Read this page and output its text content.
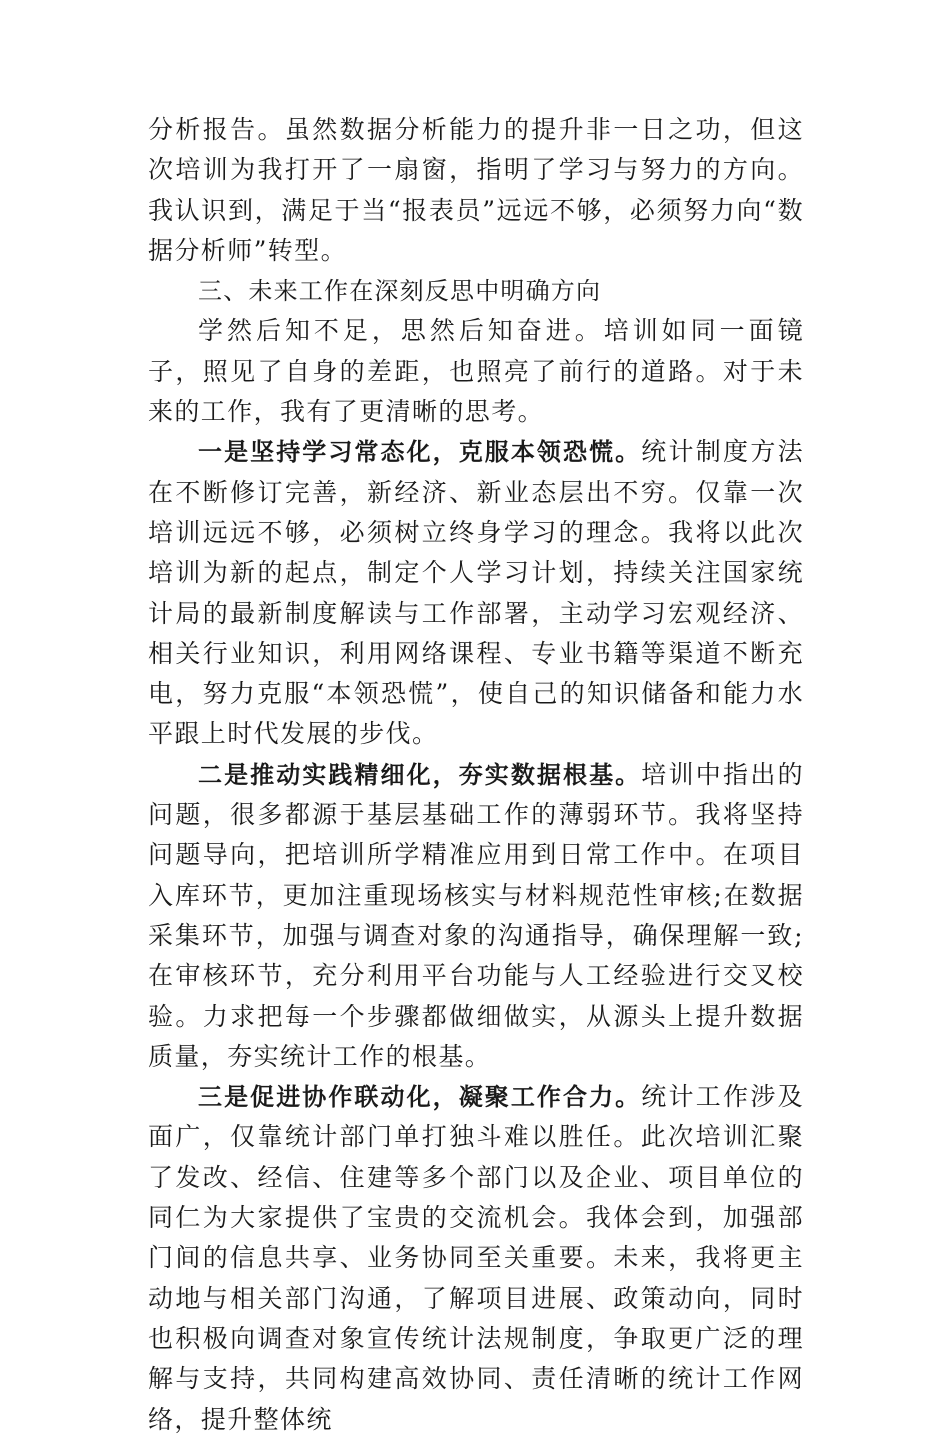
分析报告。虽然数据分析能力的提升非一日之功，但这次培训为我打开了一扇窗，指明了学习与努力的方向。我认识到，满足于当“报表员”远远不够，必须努力向“数据分析师”转型。

三、未来工作在深刻反思中明确方向

学然后知不足，思然后知奋进。培训如同一面镜子，照见了自身的差距，也照亮了前行的道路。对于未来的工作，我有了更清晰的思考。

一是坚持学习常态化，克服本领恐慌。统计制度方法在不断修订完善，新经济、新业态层出不穷。仅靠一次培训远远不够，必须树立终身学习的理念。我将以此次培训为新的起点，制定个人学习计划，持续关注国家统计局的最新制度解读与工作部署，主动学习宏观经济、相关行业知识，利用网络课程、专业书籍等渠道不断充电，努力克服“本领恐慌”，使自己的知识储备和能力水平跟上时代发展的步伐。

二是推动实践精细化，夯实数据根基。培训中指出的问题，很多都源于基层基础工作的薄弱环节。我将坚持问题导向，把培训所学精准应用到日常工作中。在项目入库环节，更加注重现场核实与材料规范性审核;在数据采集环节，加强与调查对象的沟通指导，确保理解一致;在审核环节，充分利用平台功能与人工经验进行交叉校验。力求把每一个步骤都做细做实，从源头上提升数据质量，夯实统计工作的根基。

三是促进协作联动化，凝聚工作合力。统计工作涉及面广，仅靠统计部门单打独斗难以胜任。此次培训汇聚了发改、经信、住建等多个部门以及企业、项目单位的同仁为大家提供了宝贵的交流机会。我体会到，加强部门间的信息共享、业务协同至关重要。未来，我将更主动地与相关部门沟通，了解项目进展、政策动向，同时也积极向调查对象宣传统计法规制度，争取更广泛的理解与支持，共同构建高效协同、责任清晰的统计工作网络，提升整体统
